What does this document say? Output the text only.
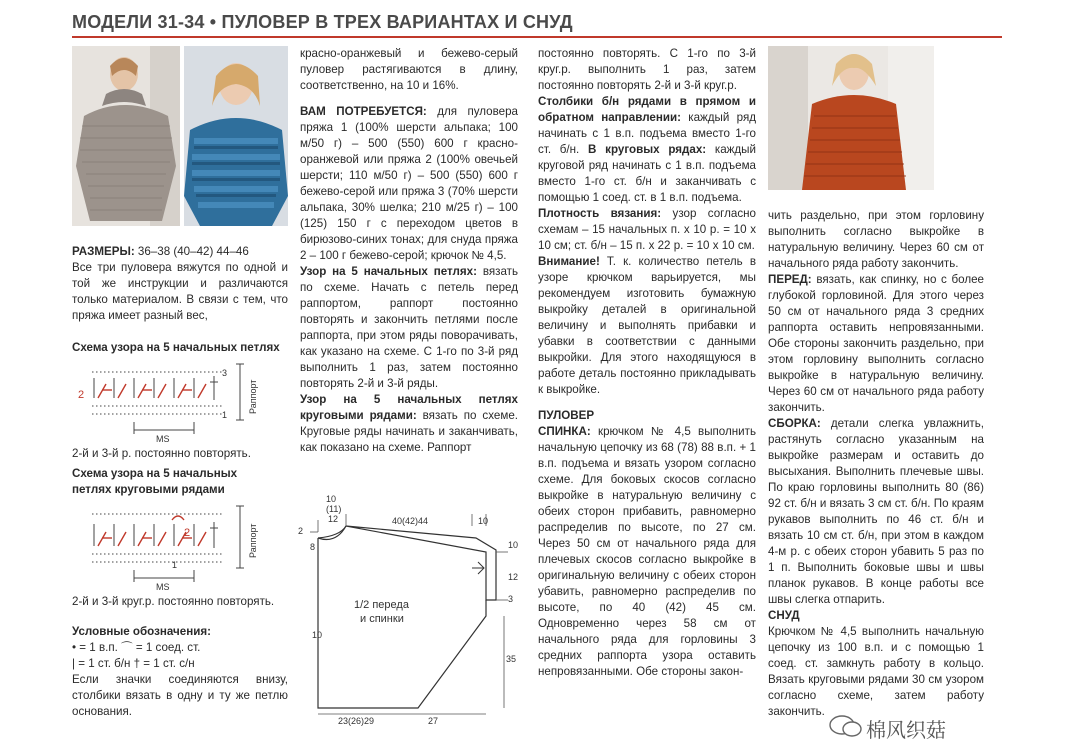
МОДЕЛИ 31-34 • ПУЛОВЕР В ТРЕХ ВАРИАНТАХ И СНУД

РАЗМЕРЫ: 36–38 (40–42) 44–46

Все три пуловера вяжутся по одной и той же инструкции и различаются только материалом. В связи с тем, что пряжа имеет разный вес,

Схема узора на 5 начальных петлях
2
3
1
Раппорт
MS
2-й и 3-й р. постоянно повторять.
Схема узора на 5 начальных петлях круговыми рядами
2
1
Раппорт
MS
2-й и 3-й круг.р. постоянно повторять.

Условные обозначения:

• = 1 в.п. ⌒ = 1 соед. ст.

| = 1 ст. б/н † = 1 ст. с/н

Если значки соединяются внизу, столбики вязать в одну и ту же петлю основания.

красно-оранжевый и бежево-серый пуловер растягиваются в длину, соответственно, на 10 и 16%.

ВАМ ПОТРЕБУЕТСЯ: для пуловера пряжа 1 (100% шерсти альпака; 100 м/50 г) – 500 (550) 600 г красно-оранжевой или пряжа 2 (100% овечьей шерсти; 110 м/50 г) – 500 (550) 600 г бежево-серой или пряжа 3 (70% шерсти альпака, 30% шелка; 210 м/25 г) – 100 (125) 150 г с переходом цветов в бирюзово-синих тонах; для снуда пряжа 2 – 100 г бежево-серой; крючок № 4,5.

Узор на 5 начальных петлях: вязать по схеме. Начать с петель перед раппортом, раппорт постоянно повторять и закончить петлями после раппорта, при этом ряды поворачивать, как указано на схеме. С 1-го по 3-й ряд выполнить 1 раз, затем постоянно повторять 2-й и 3-й ряды.

Узор на 5 начальных петлях круговыми рядами: вязать по схеме. Круговые ряды начинать и заканчивать, как показано на схеме. Раппорт

10
(11)
12	40(42)44	10
2
8	10
12
3
35
23(26)29	27
10
1/2 переда
и спинки

постоянно повторять. С 1-го по 3-й круг.р. выполнить 1 раз, затем постоянно повторять 2-й и 3-й круг.р.

Столбики б/н рядами в прямом и обратном направлении: каждый ряд начинать с 1 в.п. подъема вместо 1-го ст. б/н. В круговых рядах: каждый круговой ряд начинать с 1 в.п. подъема вместо 1-го ст. б/н и заканчивать с помощью 1 соед. ст. в 1 в.п. подъема.

Плотность вязания: узор согласно схемам – 15 начальных п. х 10 р. = 10 х 10 см; ст. б/н – 15 п. х 22 р. = 10 х 10 см.

Внимание! Т. к. количество петель в узоре крючком варьируется, мы рекомендуем изготовить бумажную выкройку деталей в оригинальной величину и выполнять прибавки и убавки в соответствии с данными выкройки. Для этого находящуюся в работе деталь постоянно прикладывать к выкройке.

ПУЛОВЕР

СПИНКА: крючком № 4,5 выполнить начальную цепочку из 68 (78) 88 в.п. + 1 в.п. подъема и вязать узором согласно схеме. Для боковых скосов согласно выкройке в натуральную величину с обеих сторон прибавить, равномерно распределив по высоте, по 27 см. Через 50 см от начального ряда для плечевых скосов согласно выкройке в оригинальную величину с обеих сторон убавить, равномерно распределив по высоте, по 40 (42) 45 см. Одновременно через 58 см от начального ряда для горловины 3 средних раппорта узора оставить непровязанными. Обе стороны закон-

чить раздельно, при этом горловину выполнить согласно выкройке в натуральную величину. Через 60 см от начального ряда работу закончить.

ПЕРЕД: вязать, как спинку, но с более глубокой горловиной. Для этого через 50 см от начального ряда 3 средних раппорта оставить непровязанными. Обе стороны закончить раздельно, при этом горловину выполнить согласно выкройке в натуральную величину. Через 60 см от начального ряда работу закончить.

СБОРКА: детали слегка увлажнить, растянуть согласно указанным на выкройке размерам и оставить до высыхания. Выполнить плечевые швы. По краю горловины выполнить 80 (86) 92 ст. б/н и вязать 3 см ст. б/н. По краям рукавов выполнить по 46 ст. б/н и вязать 10 см ст. б/н, при этом в каждом 4-м р. с обеих сторон убавить 5 раз по 1 п. Выполнить боковые швы и швы планок рукавов. В конце работы все швы слегка отпарить.

СНУД

Крючком № 4,5 выполнить начальную цепочку из 100 в.п. и с помощью 1 соед. ст. замкнуть работу в кольцо. Вязать круговыми рядами 30 см узором согласно схеме, затем работу закончить.

棉风织菇
